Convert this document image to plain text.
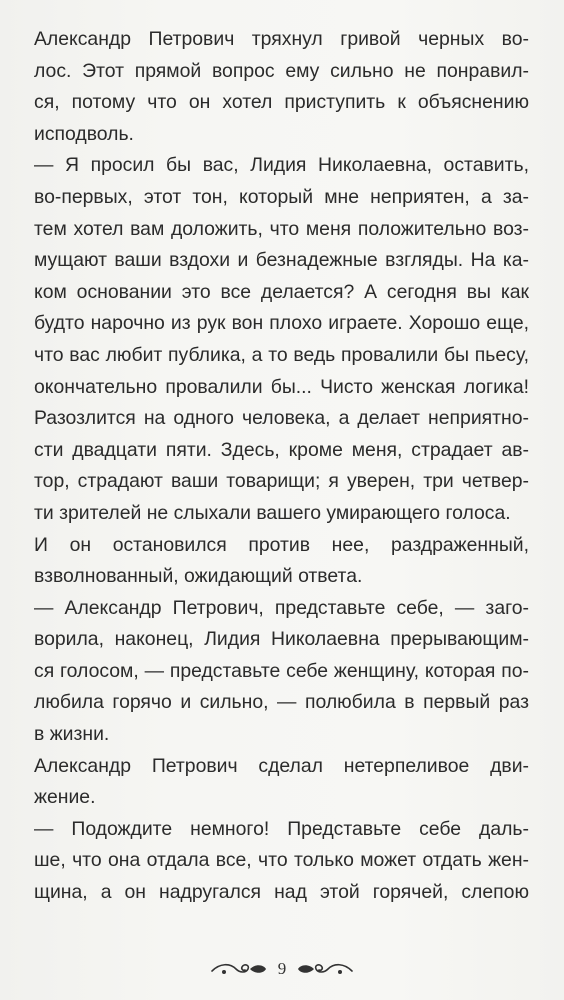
Александр Петрович тряхнул гривой черных во-
лос. Этот прямой вопрос ему сильно не понравил-
ся, потому что он хотел приступить к объяснению
исподволь.
— Я просил бы вас, Лидия Николаевна, оставить,
во-первых, этот тон, который мне неприятен, а за-
тем хотел вам доложить, что меня положительно воз-
мущают ваши вздохи и безнадежные взгляды. На ка-
ком основании это все делается? А сегодня вы как
будто нарочно из рук вон плохо играете. Хорошо еще,
что вас любит публика, а то ведь провалили бы пьесу,
окончательно провалили бы... Чисто женская логика!
Разозлится на одного человека, а делает неприятно-
сти двадцати пяти. Здесь, кроме меня, страдает ав-
тор, страдают ваши товарищи; я уверен, три четвер-
ти зрителей не слыхали вашего умирающего голоса.
И он остановился против нее, раздраженный,
взволнованный, ожидающий ответа.
— Александр Петрович, представьте себе, — заго-
ворила, наконец, Лидия Николаевна прерывающим-
ся голосом, — представьте себе женщину, которая по-
любила горячо и сильно, — полюбила в первый раз
в жизни.
Александр Петрович сделал нетерпеливое дви-
жение.
— Подождите немного! Представьте себе даль-
ше, что она отдала все, что только может отдать жен-
щина, а он надругался над этой горячей, слепою
9
